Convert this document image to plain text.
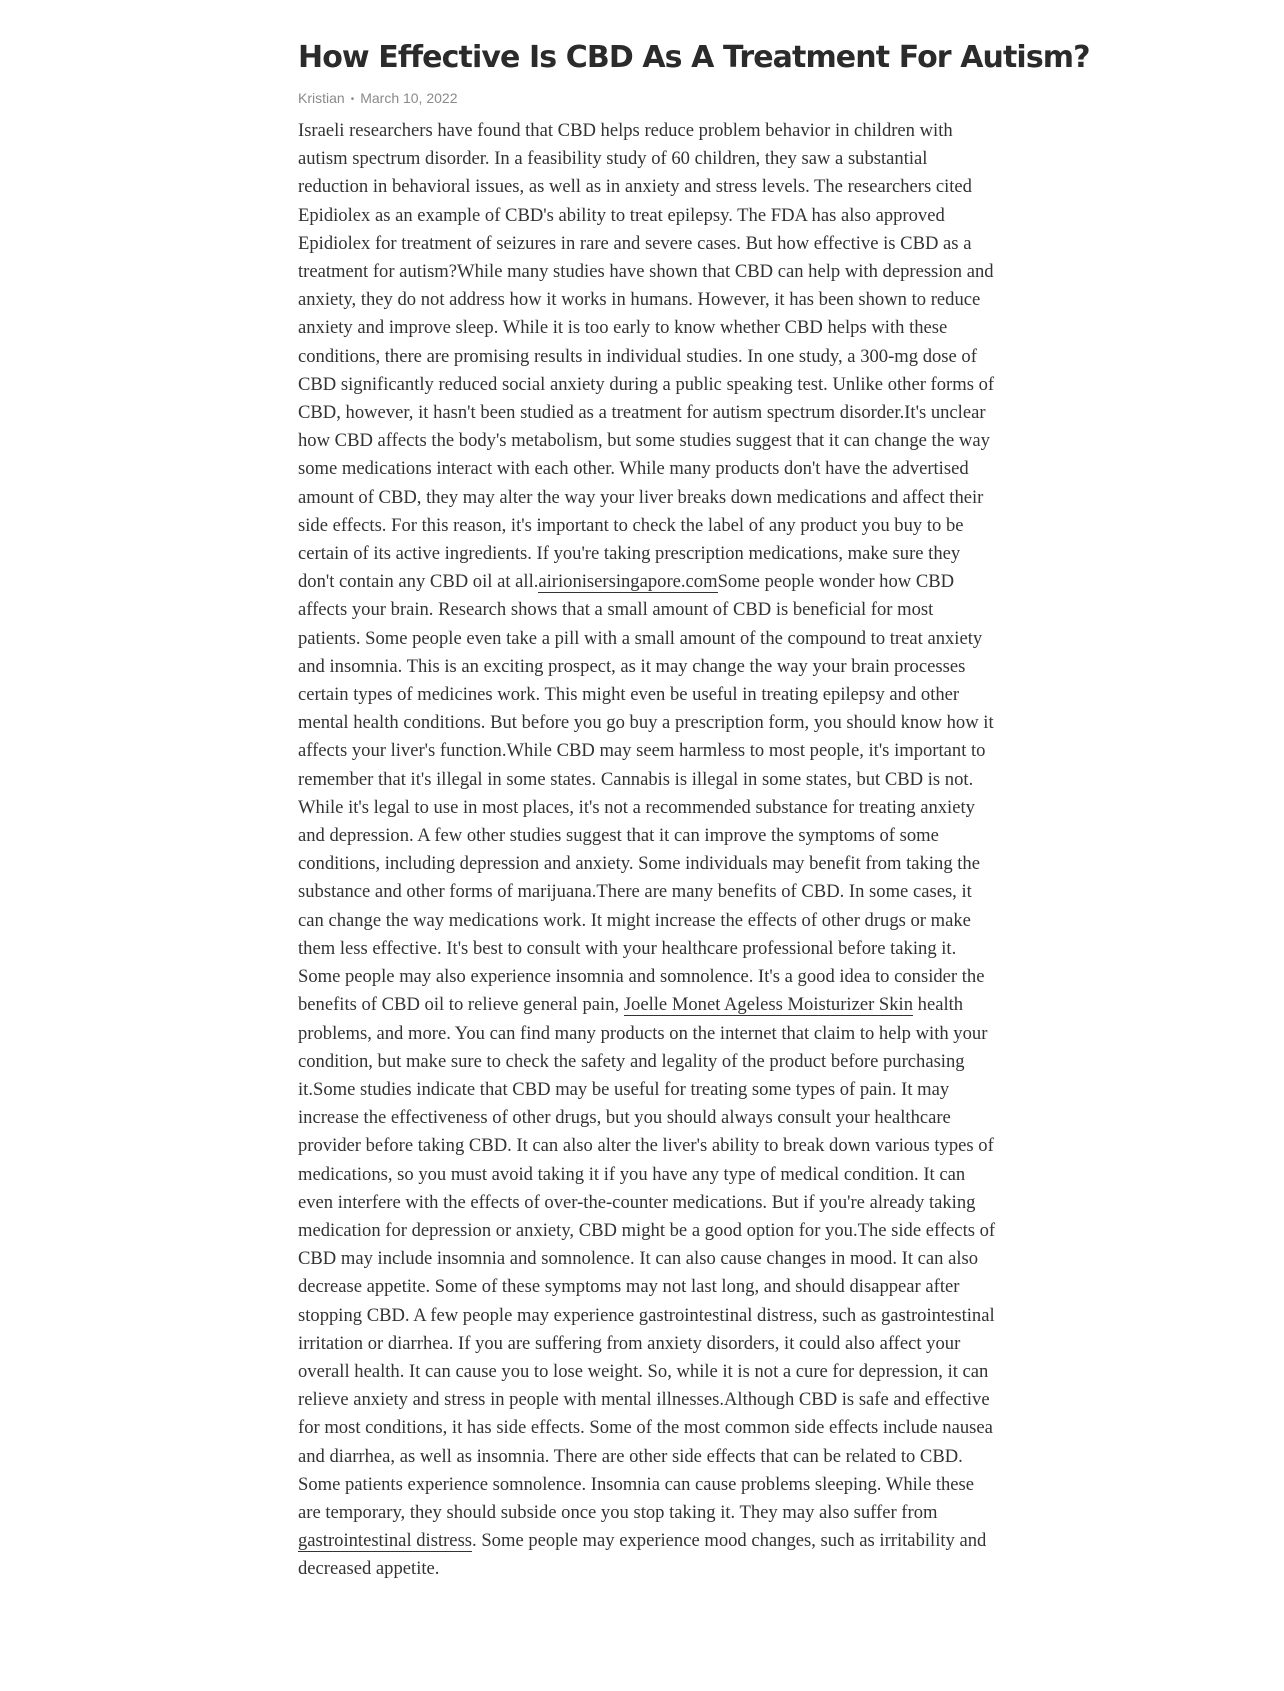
How Effective Is CBD As A Treatment For Autism?
Kristian • March 10, 2022
Israeli researchers have found that CBD helps reduce problem behavior in children with autism spectrum disorder. In a feasibility study of 60 children, they saw a substantial reduction in behavioral issues, as well as in anxiety and stress levels. The researchers cited Epidiolex as an example of CBD's ability to treat epilepsy. The FDA has also approved Epidiolex for treatment of seizures in rare and severe cases. But how effective is CBD as a treatment for autism?While many studies have shown that CBD can help with depression and anxiety, they do not address how it works in humans. However, it has been shown to reduce anxiety and improve sleep. While it is too early to know whether CBD helps with these conditions, there are promising results in individual studies. In one study, a 300-mg dose of CBD significantly reduced social anxiety during a public speaking test. Unlike other forms of CBD, however, it hasn't been studied as a treatment for autism spectrum disorder.It's unclear how CBD affects the body's metabolism, but some studies suggest that it can change the way some medications interact with each other. While many products don't have the advertised amount of CBD, they may alter the way your liver breaks down medications and affect their side effects. For this reason, it's important to check the label of any product you buy to be certain of its active ingredients. If you're taking prescription medications, make sure they don't contain any CBD oil at all.airionisersingapore.comSome people wonder how CBD affects your brain. Research shows that a small amount of CBD is beneficial for most patients. Some people even take a pill with a small amount of the compound to treat anxiety and insomnia. This is an exciting prospect, as it may change the way your brain processes certain types of medicines work. This might even be useful in treating epilepsy and other mental health conditions. But before you go buy a prescription form, you should know how it affects your liver's function.While CBD may seem harmless to most people, it's important to remember that it's illegal in some states. Cannabis is illegal in some states, but CBD is not. While it's legal to use in most places, it's not a recommended substance for treating anxiety and depression. A few other studies suggest that it can improve the symptoms of some conditions, including depression and anxiety. Some individuals may benefit from taking the substance and other forms of marijuana.There are many benefits of CBD. In some cases, it can change the way medications work. It might increase the effects of other drugs or make them less effective. It's best to consult with your healthcare professional before taking it. Some people may also experience insomnia and somnolence. It's a good idea to consider the benefits of CBD oil to relieve general pain, Joelle Monet Ageless Moisturizer Skin health problems, and more. You can find many products on the internet that claim to help with your condition, but make sure to check the safety and legality of the product before purchasing it.Some studies indicate that CBD may be useful for treating some types of pain. It may increase the effectiveness of other drugs, but you should always consult your healthcare provider before taking CBD. It can also alter the liver's ability to break down various types of medications, so you must avoid taking it if you have any type of medical condition. It can even interfere with the effects of over-the-counter medications. But if you're already taking medication for depression or anxiety, CBD might be a good option for you.The side effects of CBD may include insomnia and somnolence. It can also cause changes in mood. It can also decrease appetite. Some of these symptoms may not last long, and should disappear after stopping CBD. A few people may experience gastrointestinal distress, such as gastrointestinal irritation or diarrhea. If you are suffering from anxiety disorders, it could also affect your overall health. It can cause you to lose weight. So, while it is not a cure for depression, it can relieve anxiety and stress in people with mental illnesses.Although CBD is safe and effective for most conditions, it has side effects. Some of the most common side effects include nausea and diarrhea, as well as insomnia. There are other side effects that can be related to CBD. Some patients experience somnolence. Insomnia can cause problems sleeping. While these are temporary, they should subside once you stop taking it. They may also suffer from gastrointestinal distress. Some people may experience mood changes, such as irritability and decreased appetite.
